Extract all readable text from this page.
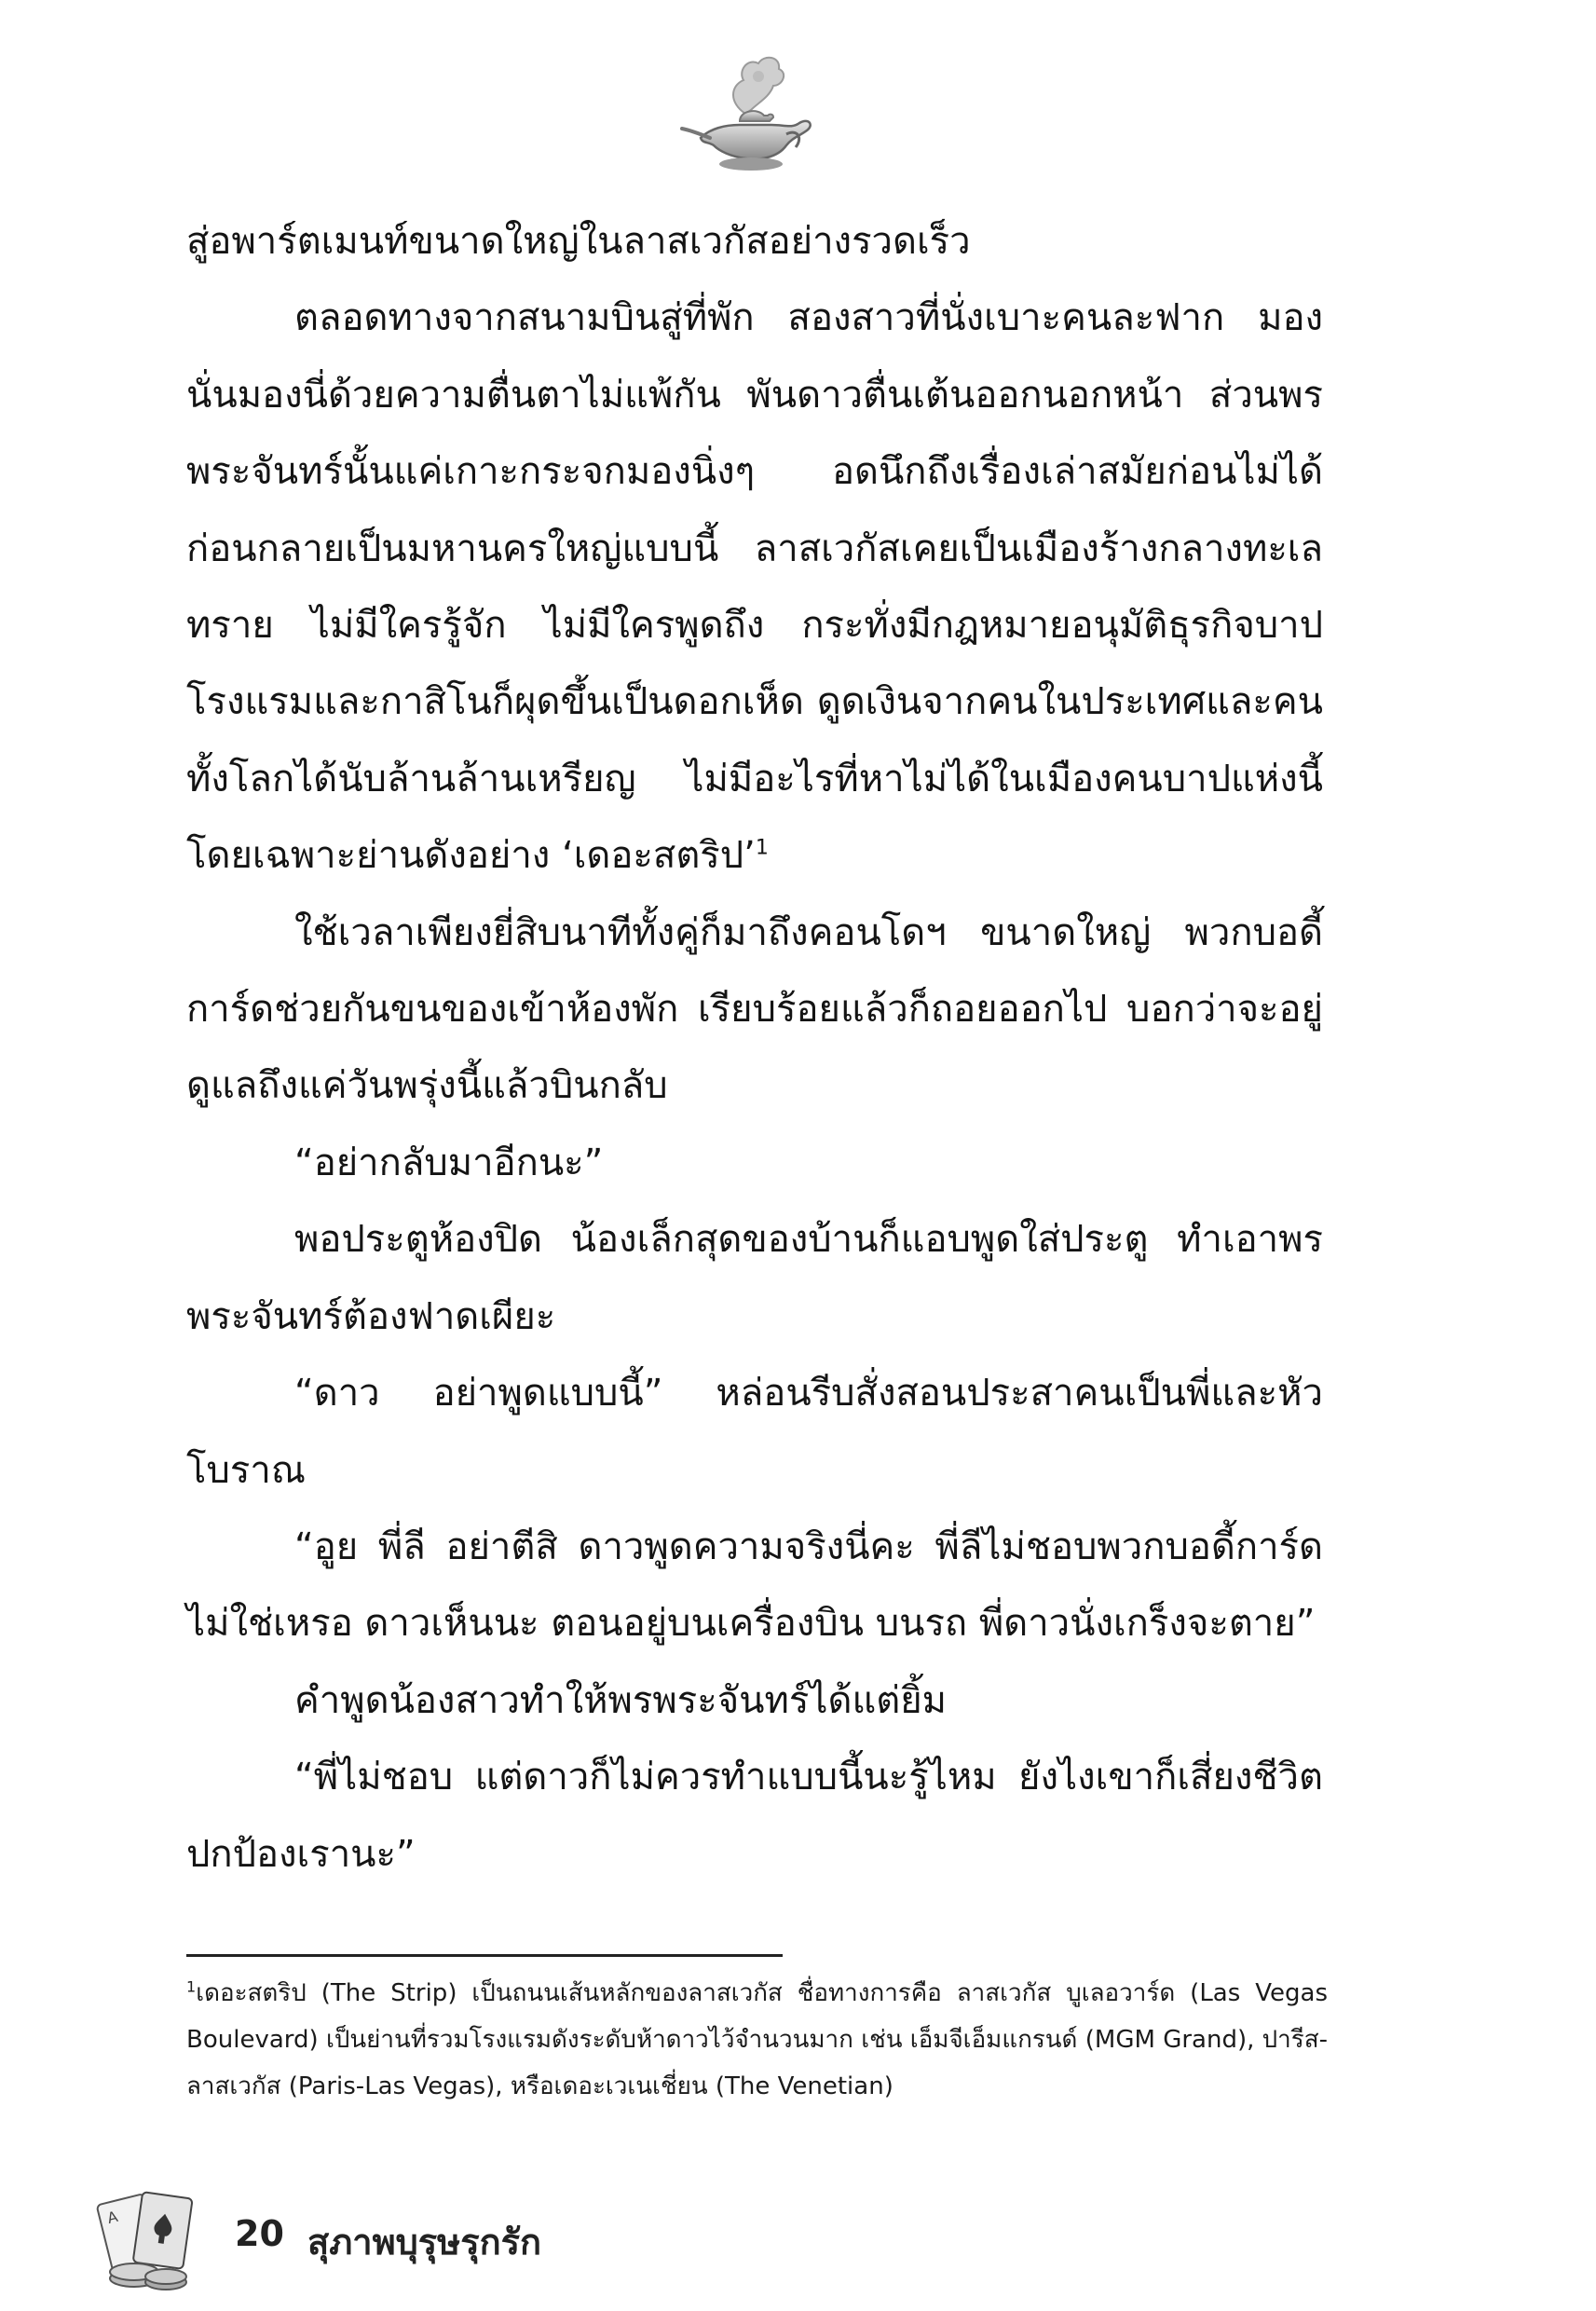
สู่อพาร์ตเมนท์ขนาดใหญ่ในลาสเวกัสอย่างรวดเร็ว

ตลอดทางจากสนามบินสู่ที่พัก สองสาวที่นั่งเบาะคนละฟาก มองนั่นมองนี่ด้วยความตื่นตาไม่แพ้กัน พันดาวตื่นเต้นออกนอกหน้า ส่วนพรพระจันทร์นั้นแค่เกาะกระจกมองนิ่งๆ อดนึกถึงเรื่องเล่าสมัยก่อนไม่ได้ ก่อนกลายเป็นมหานครใหญ่แบบนี้ ลาสเวกัสเคยเป็นเมืองร้างกลางทะเลทราย ไม่มีใครรู้จัก ไม่มีใครพูดถึง กระทั่งมีกฎหมายอนุมัติธุรกิจบาป โรงแรมและกาสิโนก็ผุดขึ้นเป็นดอกเห็ด ดูดเงินจากคนในประเทศและคนทั้งโลกได้นับล้านล้านเหรียญ ไม่มีอะไรที่หาไม่ได้ในเมืองคนบาปแห่งนี้ โดยเฉพาะย่านดังอย่าง ‘เดอะสตริป’$^1$

ใช้เวลาเพียงยี่สิบนาทีทั้งคู่ก็มาถึงคอนโดฯ ขนาดใหญ่ พวกบอดี้การ์ดช่วยกันขนของเข้าห้องพัก เรียบร้อยแล้วก็ถอยออกไป บอกว่าจะอยู่ดูแลถึงแค่วันพรุ่งนี้แล้วบินกลับ

“อย่ากลับมาอีกนะ”

พอประตูห้องปิด น้องเล็กสุดของบ้านก็แอบพูดใส่ประตู ทำเอาพรพระจันทร์ต้องฟาดเผียะ

“ดาว อย่าพูดแบบนี้” หล่อนรีบสั่งสอนประสาคนเป็นพี่และหัวโบราณ

“อูย พี่ลี อย่าตีสิ ดาวพูดความจริงนี่คะ พี่ลีไม่ชอบพวกบอดี้การ์ดไม่ใช่เหรอ ดาวเห็นนะ ตอนอยู่บนเครื่องบิน บนรถ พี่ดาวนั่งเกร็งจะตาย”

คำพูดน้องสาวทำให้พรพระจันทร์ได้แต่ยิ้ม

“พี่ไม่ชอบ แต่ดาวก็ไม่ควรทำแบบนี้นะรู้ไหม ยังไงเขาก็เสี่ยงชีวิตปกป้องเรานะ”

$^1$เดอะสตริป (The Strip) เป็นถนนเส้นหลักของลาสเวกัส ชื่อทางการคือ ลาสเวกัส บูเลอวาร์ด (Las Vegas Boulevard) เป็นย่านที่รวมโรงแรมดังระดับห้าดาวไว้จำนวนมาก เช่น เอ็มจีเอ็มแกรนด์ (MGM Grand), ปารีส-ลาสเวกัส (Paris-Las Vegas), หรือเดอะเวเนเชี่ยน (The Venetian)
A	20 สุภาพบุรุษรุกรัก
